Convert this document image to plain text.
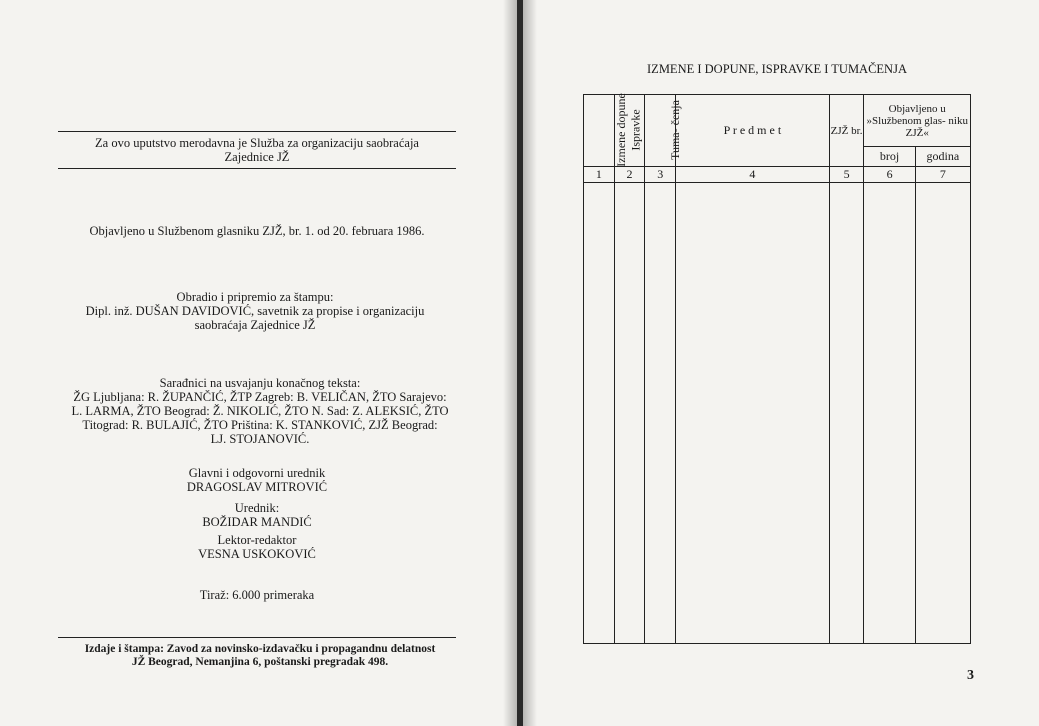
Za ovo uputstvo merodavna je Služba za organizaciju saobraćaja
Zajednice JŽ
Objavljeno u Službenom glasniku ZJŽ, br. 1. od 20. februara 1986.
Obradio i pripremio za štampu:
Dipl. inž. DUŠAN DAVIDOVIĆ, savetnik za propise i organizaciju
saobraćaja Zajednice JŽ
Sarađnici na usvajanju konačnog teksta:
ŽG Ljubljana: R. ŽUPANČIĆ, ŽTP Zagreb: B. VELIČAN, ŽTO Sarajevo:
L. LARMA, ŽTO Beograd: Ž. NIKOLIĆ, ŽTO N. Sad: Z. ALEKSIĆ, ŽTO
Titograd: R. BULAJIĆ, ŽTO Priština: K. STANKOVIĆ, ZJŽ Beograd:
LJ. STOJANOVIĆ.
Glavni i odgovorni urednik
DRAGOSLAV MITROVIĆ
Urednik:
BOŽIDAR MANDIĆ
Lektor-redaktor
VESNA USKOKOVIĆ
Tiraž: 6.000 primeraka
Izdaje i štampa: Zavod za novinsko-izdavačku i propagandnu delatnost
JŽ Beograd, Nemanjina 6, poštanski pregradak 498.
IZMENE I DOPUNE, ISPRAVKE I TUMAČENJA
Izmene dopune	Ispravke	Tuma- čenja	P r e d m e t	ZJŽ br.	Objavljeno u »Službenom glas- niku ZJŽ«	
					broj	godina
1	2	3	4	5	6	7

3
